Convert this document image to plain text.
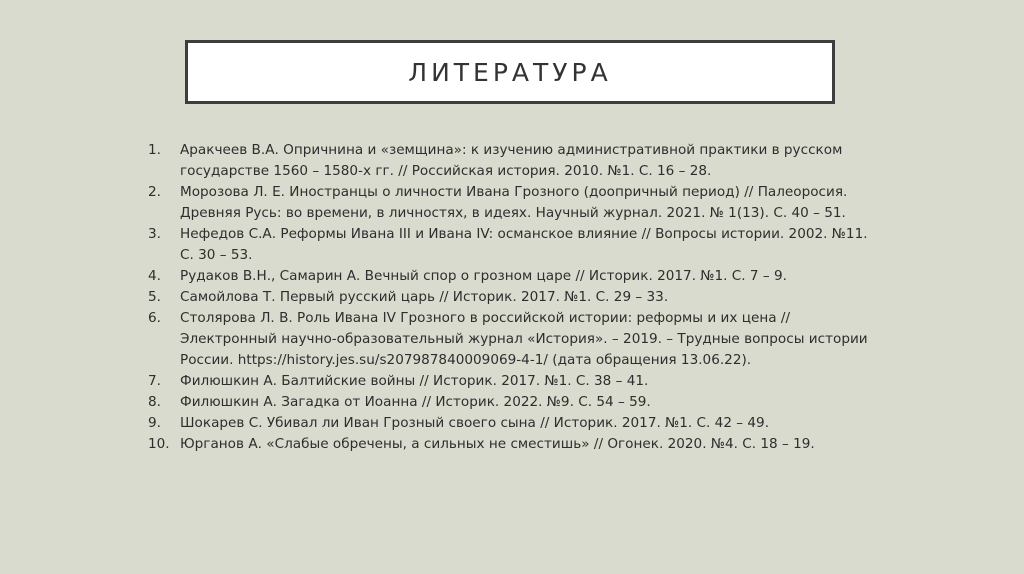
ЛИТЕРАТУРА
1.	Аракчеев В.А. Опричнина и «земщина»: к изучению административной практики в русском государстве 1560 – 1580-х гг. // Российская история. 2010. №1. С. 16 – 28.
2.	Морозова Л. Е. Иностранцы о личности Ивана Грозного (доопричный период) // Палеоросия. Древняя Русь: во времени, в личностях, в идеях. Научный журнал. 2021. № 1(13). С. 40 – 51.
3.	Нефедов С.А. Реформы Ивана III и Ивана IV: османское влияние // Вопросы истории. 2002. №11. С. 30 – 53.
4.	Рудаков В.Н., Самарин А. Вечный спор о грозном царе // Историк. 2017. №1. С. 7 – 9.
5.	Самойлова Т. Первый русский царь // Историк. 2017. №1. С. 29 – 33.
6.	Столярова Л. В. Роль Ивана IV Грозного в российской истории: реформы и их цена // Электронный научно-образовательный журнал «История». – 2019. – Трудные вопросы истории России. https://history.jes.su/s207987840009069-4-1/ (дата обращения 13.06.22).
7.	Филюшкин А. Балтийские войны // Историк. 2017. №1. С. 38 – 41.
8.	Филюшкин А. Загадка от Иоанна // Историк. 2022. №9. С. 54 – 59.
9.	Шокарев С. Убивал ли Иван Грозный своего сына // Историк. 2017. №1. С. 42 – 49.
10. Юрганов А. «Слабые обречены, а сильных не сместишь» // Огонек. 2020. №4. С. 18 – 19.
